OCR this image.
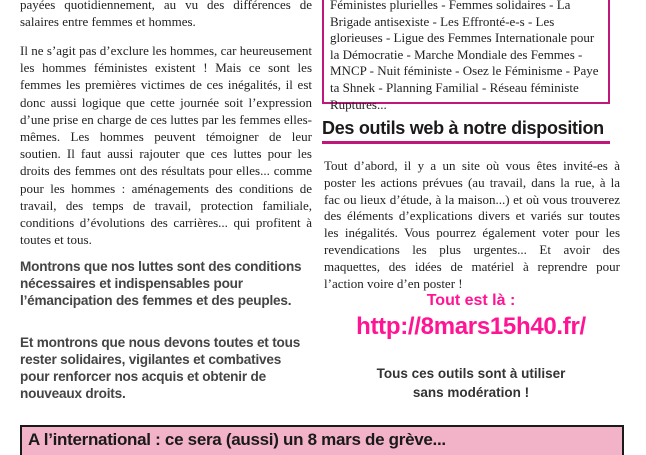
payées quotidiennement, au vu des différences de salaires entre femmes et hommes.

Il ne s’agit pas d’exclure les hommes, car heureusement les hommes féministes existent ! Mais ce sont les femmes les premières victimes de ces inégalités, il est donc aussi logique que cette journée soit l’expression d’une prise en charge de ces luttes par les femmes elles-mêmes. Les hommes peuvent témoigner de leur soutien. Il faut aussi rajouter que ces luttes pour les droits des femmes ont des résultats pour elles... comme pour les hommes : aménagements des conditions de travail, des temps de travail, protection familiale, conditions d’évolutions des carrières... qui profitent à toutes et tous.

Montrons que nos luttes sont des conditions nécessaires et indispensables pour l’émancipation des femmes et des peuples.
Et montrons que nous devons toutes et tous rester solidaires, vigilantes et combatives pour renforcer nos acquis et obtenir de nouveaux droits.

Féministes plurielles - Femmes solidaires - La Brigade antisexiste - Les Effronté-e-s - Les glorieuses - Ligue des Femmes Internationale pour la Démocratie - Marche Mondiale des Femmes - MNCP - Nuit féministe - Osez le Féminisme - Paye ta Shnek - Planning Familial - Réseau féministe Ruptures...

Des outils web à notre disposition

Tout d’abord, il y a un site où vous êtes invité-es à poster les actions prévues (au travail, dans la rue, à la fac ou lieux d’étude, à la maison...) et où vous trouverez des éléments d’explications divers et variés sur toutes les inégalités. Vous pourrez également voter pour les revendications les plus urgentes... Et avoir des maquettes, des idées de matériel à reprendre pour l’action voire d’en poster !

Tout est là :
http://8mars15h40.fr/
Tous ces outils sont à utiliser
sans modération !
A l’international : ce sera (aussi) un 8 mars de grève...
